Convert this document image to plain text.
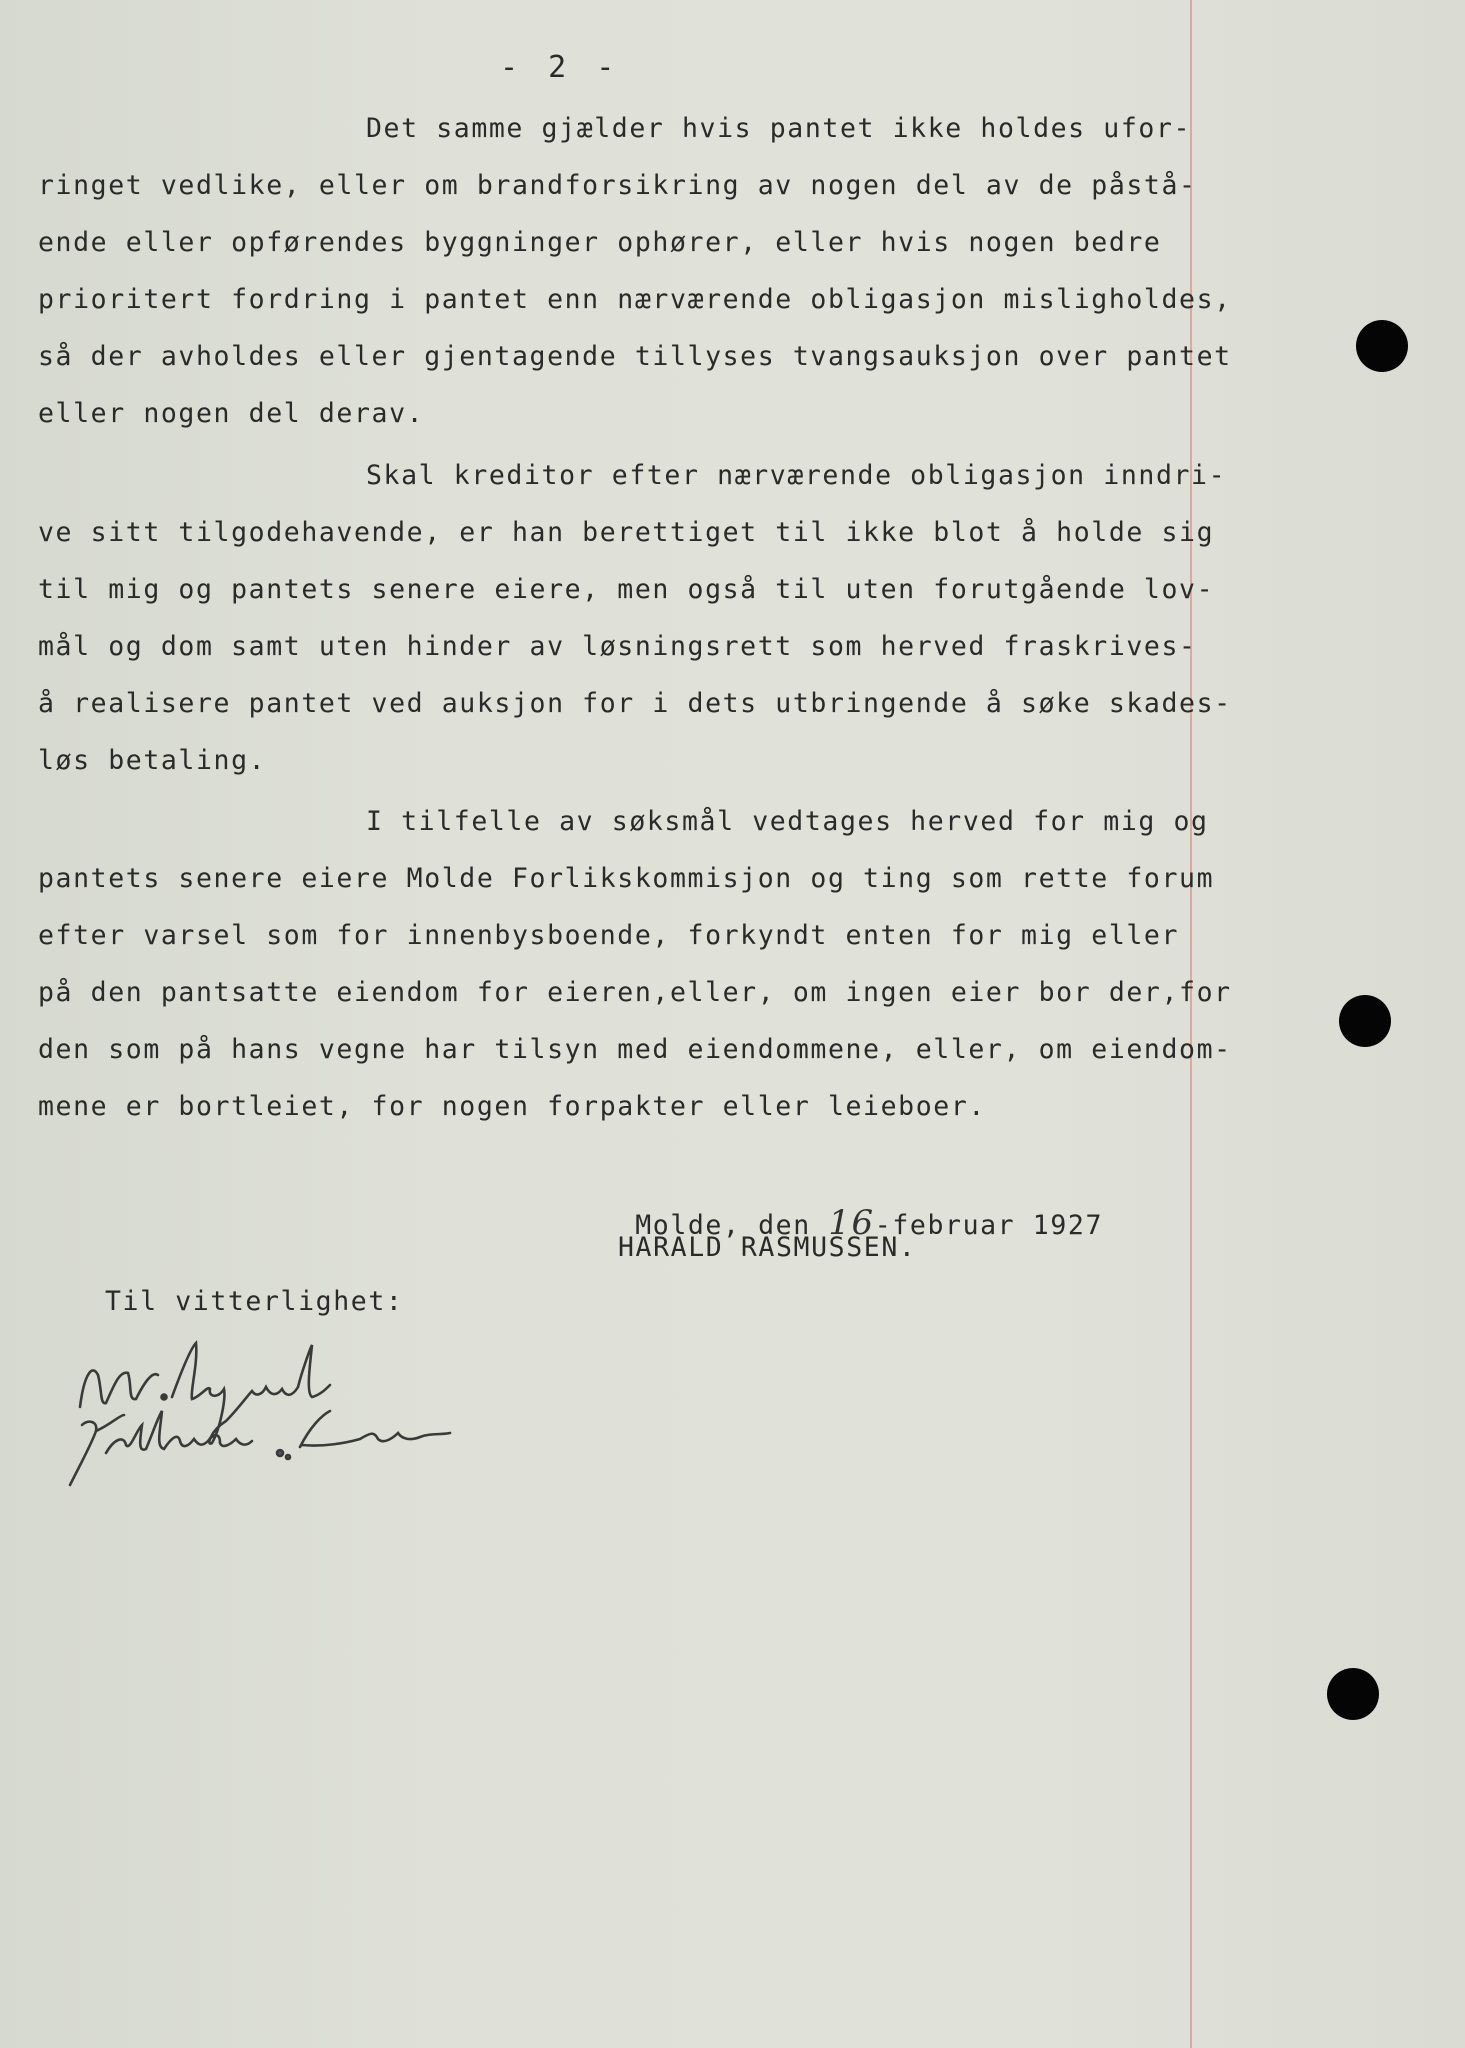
- 2 -
Det samme gjælder hvis pantet ikke holdes ufor-
ringet vedlike, eller om brandforsikring av nogen del av de påstå-
ende eller opførendes byggninger ophører, eller hvis nogen bedre
prioritert fordring i pantet enn nærværende obligasjon misligholdes,
så der avholdes eller gjentagende tillyses tvangsauksjon over pantet
eller nogen del derav.
Skal kreditor efter nærværende obligasjon inndri-
ve sitt tilgodehavende, er han berettiget til ikke blot å holde sig
til mig og pantets senere eiere, men også til uten forutgående lov-
mål og dom samt uten hinder av løsningsrett som herved fraskrives-
å realisere pantet ved auksjon for i dets utbringende å søke skades-
løs betaling.
I tilfelle av søksmål vedtages herved for mig og
pantets senere eiere Molde Forlikskommisjon og ting som rette forum
efter varsel som for innenbysboende, forkyndt enten for mig eller
på den pantsatte eiendom for eieren,eller, om ingen eier bor der,for
den som på hans vegne har tilsyn med eiendommene, eller, om eiendom-
mene er bortleiet, for nogen forpakter eller leieboer.

Molde, den 16-februar 1927

HARALD RASMUSSEN.
Til vitterlighet:
